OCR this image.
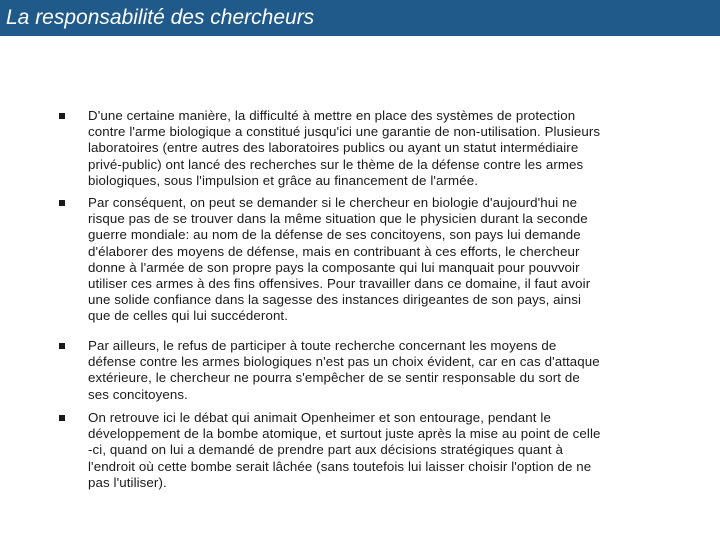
La responsabilité des chercheurs
D'une certaine manière, la difficulté à mettre en place des systèmes de protection
contre l'arme biologique a constitué jusqu'ici une garantie de non-utilisation. Plusieurs
laboratoires (entre autres des laboratoires publics ou ayant un statut intermédiaire
privé-public) ont lancé des recherches sur le thème de la défense contre les armes
biologiques, sous l'impulsion et grâce au financement de l'armée.
Par conséquent, on peut se demander si le chercheur en biologie d'aujourd'hui ne
risque pas de se trouver dans la même situation que le physicien durant la seconde
guerre mondiale: au nom de la défense de ses concitoyens, son pays lui demande
d'élaborer des moyens de défense, mais en contribuant à ces efforts, le chercheur
donne à l'armée de son propre pays la composante qui lui manquait pour pouvvoir
utiliser ces armes à des fins offensives. Pour travailler dans ce domaine, il faut avoir
une solide confiance dans la sagesse des instances dirigeantes de son pays, ainsi
que de celles qui lui succéderont.
Par ailleurs, le refus de participer à toute recherche concernant les moyens de
défense contre les armes biologiques n'est pas un choix évident, car en cas d'attaque
extérieure, le chercheur ne pourra s'empêcher de se sentir responsable du sort de
ses concitoyens.
On retrouve ici le débat qui animait Openheimer et son entourage, pendant le
développement de la bombe atomique, et surtout juste après la mise au point de celle
-ci, quand on lui a demandé de prendre part aux décisions stratégiques quant à
l'endroit où cette bombe serait lâchée (sans toutefois lui laisser choisir l'option de ne
pas l'utiliser).
